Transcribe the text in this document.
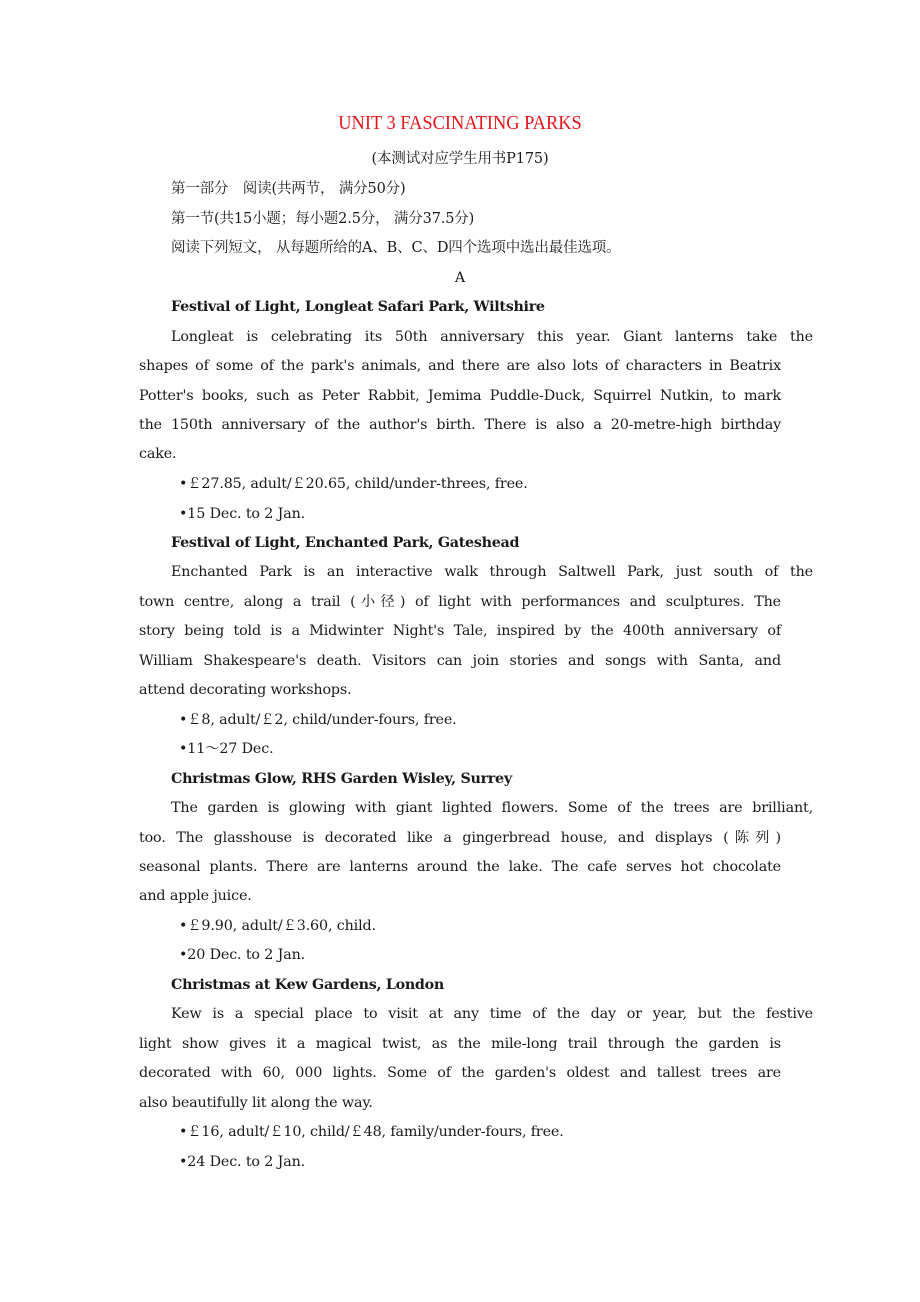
UNIT 3 FASCINATING PARKS
(本测试对应学生用书P175)
第一部分　阅读(共两节， 满分50分)
第一节(共15小题；每小题2.5分， 满分37.5分)
阅读下列短文， 从每题所给的A、B、C、D四个选项中选出最佳选项。
A
Festival of Light, Longleat Safari Park, Wiltshire
Longleat is celebrating its 50th anniversary this year. Giant lanterns take the
shapes of some of the park's animals, and there are also lots of characters in Beatrix
Potter's books, such as Peter Rabbit, Jemima Puddle-Duck, Squirrel Nutkin, to mark
the 150th anniversary of the author's birth. There is also a 20-metre-high birthday
cake.
•￡27.85, adult/￡20.65, child/under-threes, free.
•15 Dec. to 2 Jan.
Festival of Light, Enchanted Park, Gateshead
Enchanted Park is an interactive walk through Saltwell Park, just south of the
town centre, along a trail (小径) of light with performances and sculptures. The
story being told is a Midwinter Night's Tale, inspired by the 400th anniversary of
William Shakespeare's death. Visitors can join stories and songs with Santa, and
attend decorating workshops.
•￡8, adult/￡2, child/under-fours, free.
•11～27 Dec.
Christmas Glow, RHS Garden Wisley, Surrey
The garden is glowing with giant lighted flowers. Some of the trees are brilliant,
too. The glasshouse is decorated like a gingerbread house, and displays (陈列)
seasonal plants. There are lanterns around the lake. The cafe serves hot chocolate
and apple juice.
•￡9.90, adult/￡3.60, child.
•20 Dec. to 2 Jan.
Christmas at Kew Gardens, London
Kew is a special place to visit at any time of the day or year, but the festive
light show gives it a magical twist, as the mile-long trail through the garden is
decorated with 60, 000 lights. Some of the garden's oldest and tallest trees are
also beautifully lit along the way.
•￡16, adult/￡10, child/￡48, family/under-fours, free.
•24 Dec. to 2 Jan.
